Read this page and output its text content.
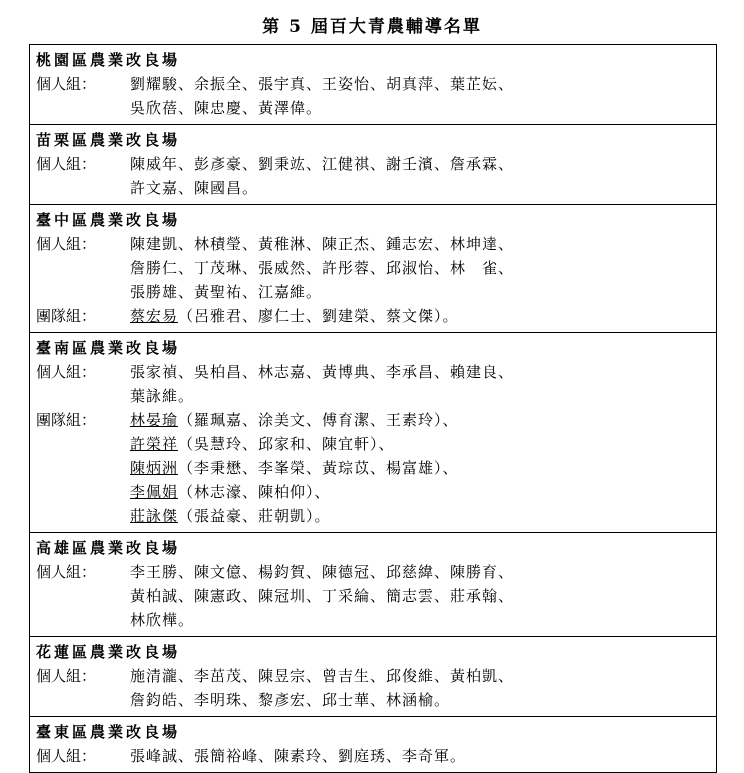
第 5 屆百大青農輔導名單
桃園區農業改良場
個人組：	劉耀駿、余振全、張宇真、王姿怡、胡真萍、葉芷妘、
吳欣蓓、陳忠慶、黃澤偉。
苗栗區農業改良場
個人組：	陳威年、彭彥豪、劉秉竑、江健祺、謝壬濱、詹承霖、
許文嘉、陳國昌。
臺中區農業改良場
個人組：	陳建凱、林積瑩、黃稚淋、陳正杰、鍾志宏、林坤達、
詹勝仁、丁茂琳、張威然、許彤蓉、邱淑怡、林　雀、
張勝雄、黃聖祐、江嘉維。
團隊組：	蔡宏易（呂雅君、廖仁士、劉建榮、蔡文傑）。
臺南區農業改良場
個人組：	張家禎、吳柏昌、林志嘉、黃博典、李承昌、賴建良、
葉詠維。
團隊組：	林晏瑜（羅珮嘉、涂美文、傅育潔、王素玲）、
許榮祥（吳慧玲、邱家和、陳宜軒）、
陳炳洲（李秉懋、李峯榮、黃琮苡、楊富雄）、
李佩娟（林志濠、陳柏仰）、
莊詠傑（張益豪、莊朝凱）。
高雄區農業改良場
個人組：	李王勝、陳文億、楊鈞賀、陳德冠、邱慈緯、陳勝育、
黃柏誠、陳憲政、陳冠圳、丁采綸、簡志雲、莊承翰、
林欣樺。
花蓮區農業改良場
個人組：	施清瀧、李茁茂、陳昱宗、曾吉生、邱俊維、黃柏凱、
詹鈞皓、李明珠、黎彥宏、邱士華、林涵榆。
臺東區農業改良場
個人組：	張峰誠、張簡裕峰、陳素玲、劉庭琇、李奇軍。
